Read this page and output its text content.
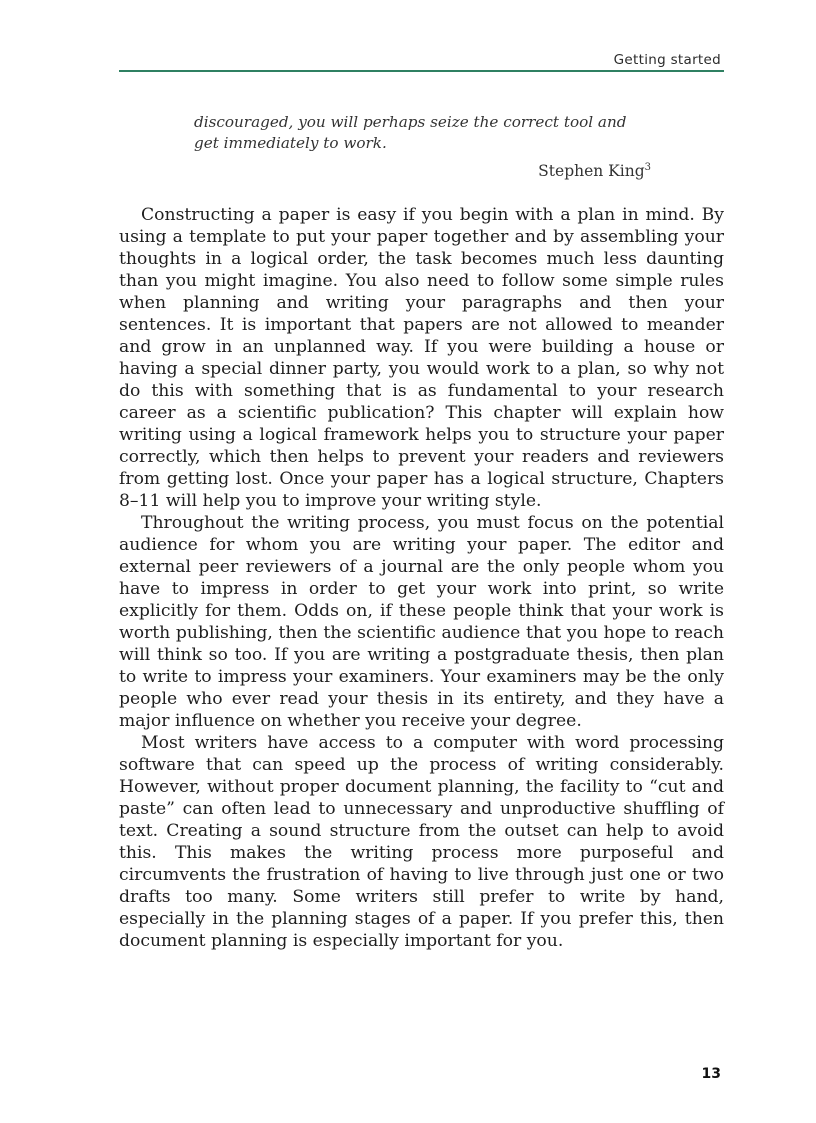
Getting started

discouraged, you will perhaps seize the correct tool and get immediately to work.

Stephen King$^3$

Constructing a paper is easy if you begin with a plan in mind. By using a template to put your paper together and by assembling your thoughts in a logical order, the task becomes much less daunting than you might imagine. You also need to follow some simple rules when planning and writing your paragraphs and then your sentences. It is important that papers are not allowed to meander and grow in an unplanned way. If you were building a house or having a special dinner party, you would work to a plan, so why not do this with something that is as fundamental to your research career as a scientific publication? This chapter will explain how writing using a logical framework helps you to structure your paper correctly, which then helps to prevent your readers and reviewers from getting lost. Once your paper has a logical structure, Chapters 8–11 will help you to improve your writing style.

Throughout the writing process, you must focus on the potential audience for whom you are writing your paper. The editor and external peer reviewers of a journal are the only people whom you have to impress in order to get your work into print, so write explicitly for them. Odds on, if these people think that your work is worth publishing, then the scientific audience that you hope to reach will think so too. If you are writing a postgraduate thesis, then plan to write to impress your examiners. Your examiners may be the only people who ever read your thesis in its entirety, and they have a major influence on whether you receive your degree.

Most writers have access to a computer with word processing software that can speed up the process of writing considerably. However, without proper document planning, the facility to “cut and paste” can often lead to unnecessary and unproductive shuffling of text. Creating a sound structure from the outset can help to avoid this. This makes the writing process more purposeful and circumvents the frustration of having to live through just one or two drafts too many. Some writers still prefer to write by hand, especially in the planning stages of a paper. If you prefer this, then document planning is especially important for you.

13
